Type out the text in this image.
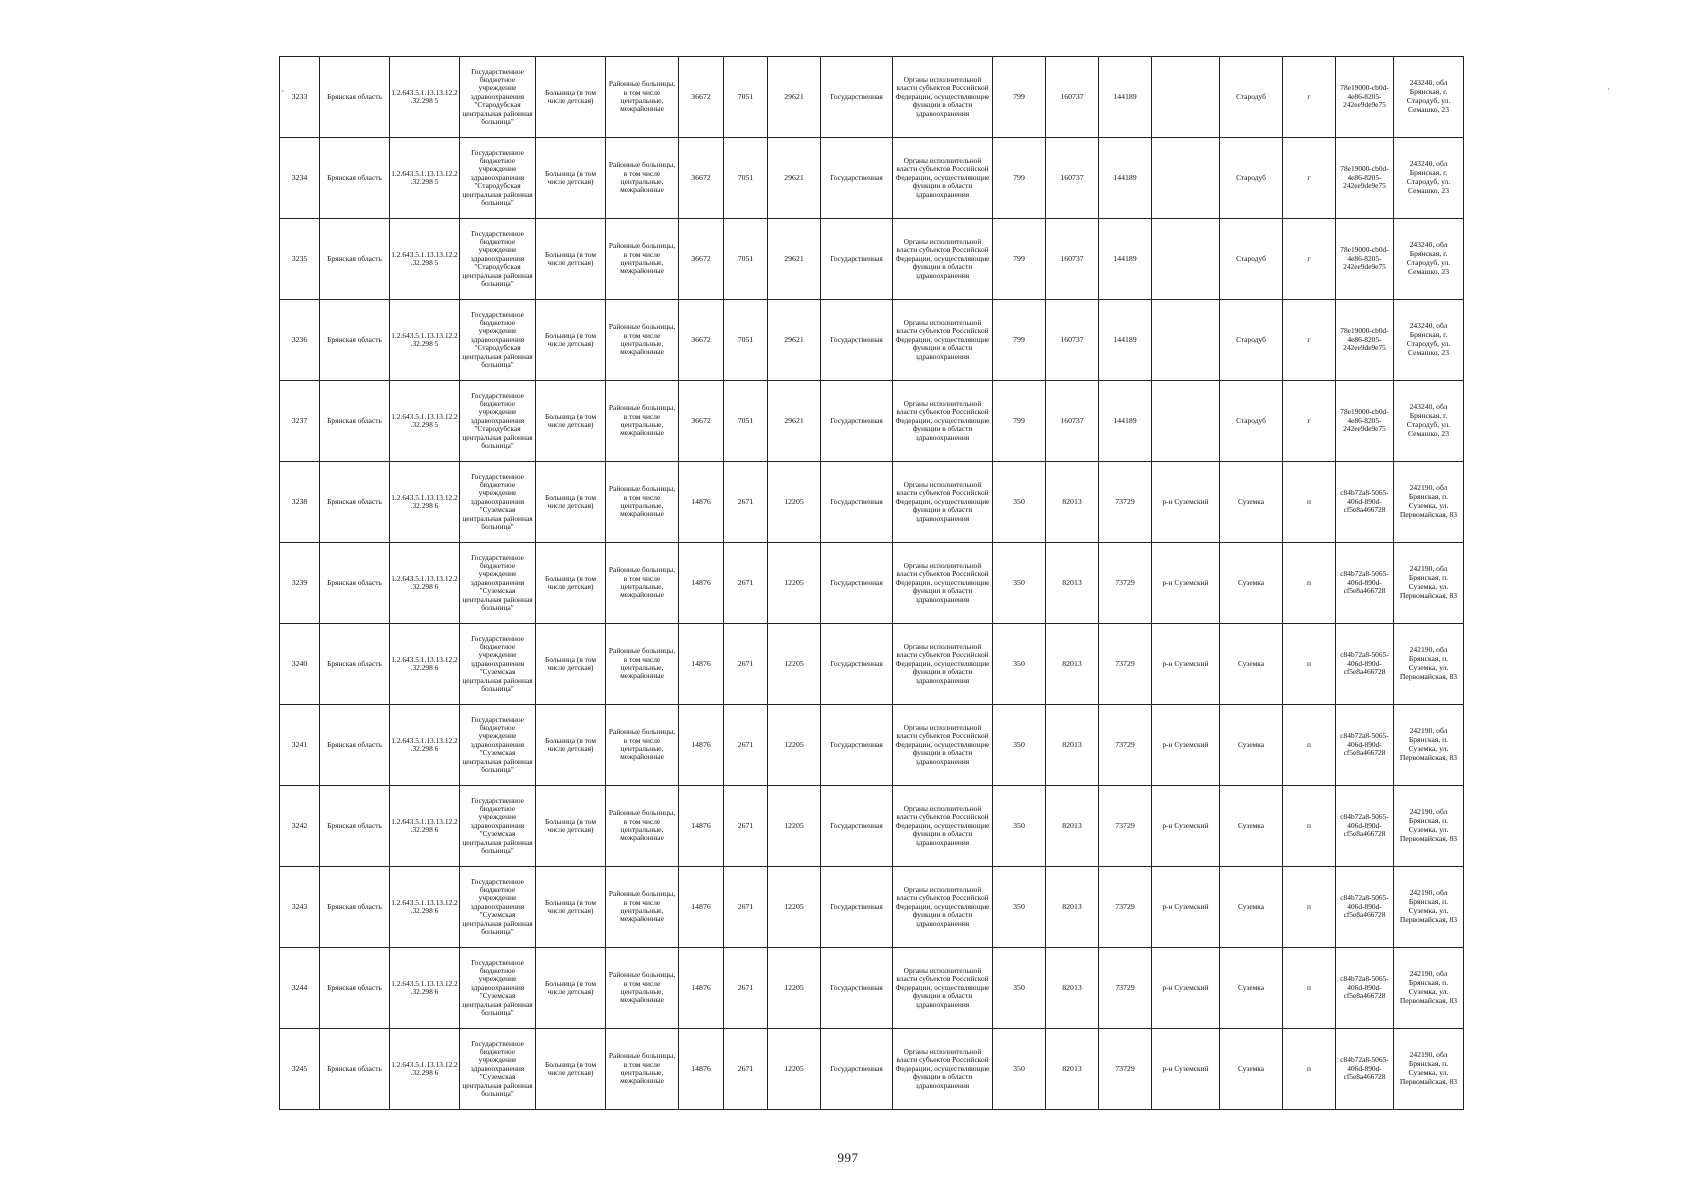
3233	Брянская область	1.2.643.5.1.13.13.12.2.32.298 5	Государственное бюджетное учреждение здравоохранения "Стародубская центральная районная больница"	Больница (в том числе детская)	Районные больницы, в том числе центральные, межрайонные	36672	7051	29621	Государственная	Органы исполнительной власти субъектов Российской Федерации, осуществляющие функции в области здравоохранения	799	160737	144189		Стародуб	г	78e19000-cb0d-4e86-8205-242ee9de9e75	243240, обл Брянская, г. Стародуб, ул. Семашко, 23
3234	Брянская область	1.2.643.5.1.13.13.12.2.32.298 5	Государственное бюджетное учреждение здравоохранения "Стародубская центральная районная больница"	Больница (в том числе детская)	Районные больницы, в том числе центральные, межрайонные	36672	7051	29621	Государственная	Органы исполнительной власти субъектов Российской Федерации, осуществляющие функции в области здравоохранения	799	160737	144189		Стародуб	г	78e19000-cb0d-4e86-8205-242ee9de9e75	243240, обл Брянская, г. Стародуб, ул. Семашко, 23
3235	Брянская область	1.2.643.5.1.13.13.12.2.32.298 5	Государственное бюджетное учреждение здравоохранения "Стародубская центральная районная больница"	Больница (в том числе детская)	Районные больницы, в том числе центральные, межрайонные	36672	7051	29621	Государственная	Органы исполнительной власти субъектов Российской Федерации, осуществляющие функции в области здравоохранения	799	160737	144189		Стародуб	г	78e19000-cb0d-4e86-8205-242ee9de9e75	243240, обл Брянская, г. Стародуб, ул. Семашко, 23
3236	Брянская область	1.2.643.5.1.13.13.12.2.32.298 5	Государственное бюджетное учреждение здравоохранения "Стародубская центральная районная больница"	Больница (в том числе детская)	Районные больницы, в том числе центральные, межрайонные	36672	7051	29621	Государственная	Органы исполнительной власти субъектов Российской Федерации, осуществляющие функции в области здравоохранения	799	160737	144189		Стародуб	г	78e19000-cb0d-4e86-8205-242ee9de9e75	243240, обл Брянская, г. Стародуб, ул. Семашко, 23
3237	Брянская область	1.2.643.5.1.13.13.12.2.32.298 5	Государственное бюджетное учреждение здравоохранения "Стародубская центральная районная больница"	Больница (в том числе детская)	Районные больницы, в том числе центральные, межрайонные	36672	7051	29621	Государственная	Органы исполнительной власти субъектов Российской Федерации, осуществляющие функции в области здравоохранения	799	160737	144189		Стародуб	г	78e19000-cb0d-4e86-8205-242ee9de9e75	243240, обл Брянская, г. Стародуб, ул. Семашко, 23
3238	Брянская область	1.2.643.5.1.13.13.12.2.32.298 6	Государственное бюджетное учреждение здравоохранения "Суземская центральная районная больница"	Больница (в том числе детская)	Районные больницы, в том числе центральные, межрайонные	14876	2671	12205	Государственная	Органы исполнительной власти субъектов Российской Федерации, осуществляющие функции в области здравоохранения	350	82013	73729	р-н Суземский	Суземка	п	c84b72a8-5065-406d-890d-cf5e8a466728	242190, обл Брянская, п. Суземка, ул. Первомайская, 83
3239	Брянская область	1.2.643.5.1.13.13.12.2.32.298 6	Государственное бюджетное учреждение здравоохранения "Суземская центральная районная больница"	Больница (в том числе детская)	Районные больницы, в том числе центральные, межрайонные	14876	2671	12205	Государственная	Органы исполнительной власти субъектов Российской Федерации, осуществляющие функции в области здравоохранения	350	82013	73729	р-н Суземский	Суземка	п	c84b72a8-5065-406d-890d-cf5e8a466728	242190, обл Брянская, п. Суземка, ул. Первомайская, 83
3240	Брянская область	1.2.643.5.1.13.13.12.2.32.298 6	Государственное бюджетное учреждение здравоохранения "Суземская центральная районная больница"	Больница (в том числе детская)	Районные больницы, в том числе центральные, межрайонные	14876	2671	12205	Государственная	Органы исполнительной власти субъектов Российской Федерации, осуществляющие функции в области здравоохранения	350	82013	73729	р-н Суземский	Суземка	п	c84b72a8-5065-406d-890d-cf5e8a466728	242190, обл Брянская, п. Суземка, ул. Первомайская, 83
3241	Брянская область	1.2.643.5.1.13.13.12.2.32.298 6	Государственное бюджетное учреждение здравоохранения "Суземская центральная районная больница"	Больница (в том числе детская)	Районные больницы, в том числе центральные, межрайонные	14876	2671	12205	Государственная	Органы исполнительной власти субъектов Российской Федерации, осуществляющие функции в области здравоохранения	350	82013	73729	р-н Суземский	Суземка	п	c84b72a8-5065-406d-890d-cf5e8a466728	242190, обл Брянская, п. Суземка, ул. Первомайская, 83
3242	Брянская область	1.2.643.5.1.13.13.12.2.32.298 6	Государственное бюджетное учреждение здравоохранения "Суземская центральная районная больница"	Больница (в том числе детская)	Районные больницы, в том числе центральные, межрайонные	14876	2671	12205	Государственная	Органы исполнительной власти субъектов Российской Федерации, осуществляющие функции в области здравоохранения	350	82013	73729	р-н Суземский	Суземка	п	c84b72a8-5065-406d-890d-cf5e8a466728	242190, обл Брянская, п. Суземка, ул. Первомайская, 83
3243	Брянская область	1.2.643.5.1.13.13.12.2.32.298 6	Государственное бюджетное учреждение здравоохранения "Суземская центральная районная больница"	Больница (в том числе детская)	Районные больницы, в том числе центральные, межрайонные	14876	2671	12205	Государственная	Органы исполнительной власти субъектов Российской Федерации, осуществляющие функции в области здравоохранения	350	82013	73729	р-н Суземский	Суземка	п	c84b72a8-5065-406d-890d-cf5e8a466728	242190, обл Брянская, п. Суземка, ул. Первомайская, 83
3244	Брянская область	1.2.643.5.1.13.13.12.2.32.298 6	Государственное бюджетное учреждение здравоохранения "Суземская центральная районная больница"	Больница (в том числе детская)	Районные больницы, в том числе центральные, межрайонные	14876	2671	12205	Государственная	Органы исполнительной власти субъектов Российской Федерации, осуществляющие функции в области здравоохранения	350	82013	73729	р-н Суземский	Суземка	п	c84b72a8-5065-406d-890d-cf5e8a466728	242190, обл Брянская, п. Суземка, ул. Первомайская, 83
3245	Брянская область	1.2.643.5.1.13.13.12.2.32.298 6	Государственное бюджетное учреждение здравоохранения "Суземская центральная районная больница"	Больница (в том числе детская)	Районные больницы, в том числе центральные, межрайонные	14876	2671	12205	Государственная	Органы исполнительной власти субъектов Российской Федерации, осуществляющие функции в области здравоохранения	350	82013	73729	р-н Суземский	Суземка	п	c84b72a8-5065-406d-890d-cf5e8a466728	242190, обл Брянская, п. Суземка, ул. Первомайская, 83
997
ˋ	ˋ
